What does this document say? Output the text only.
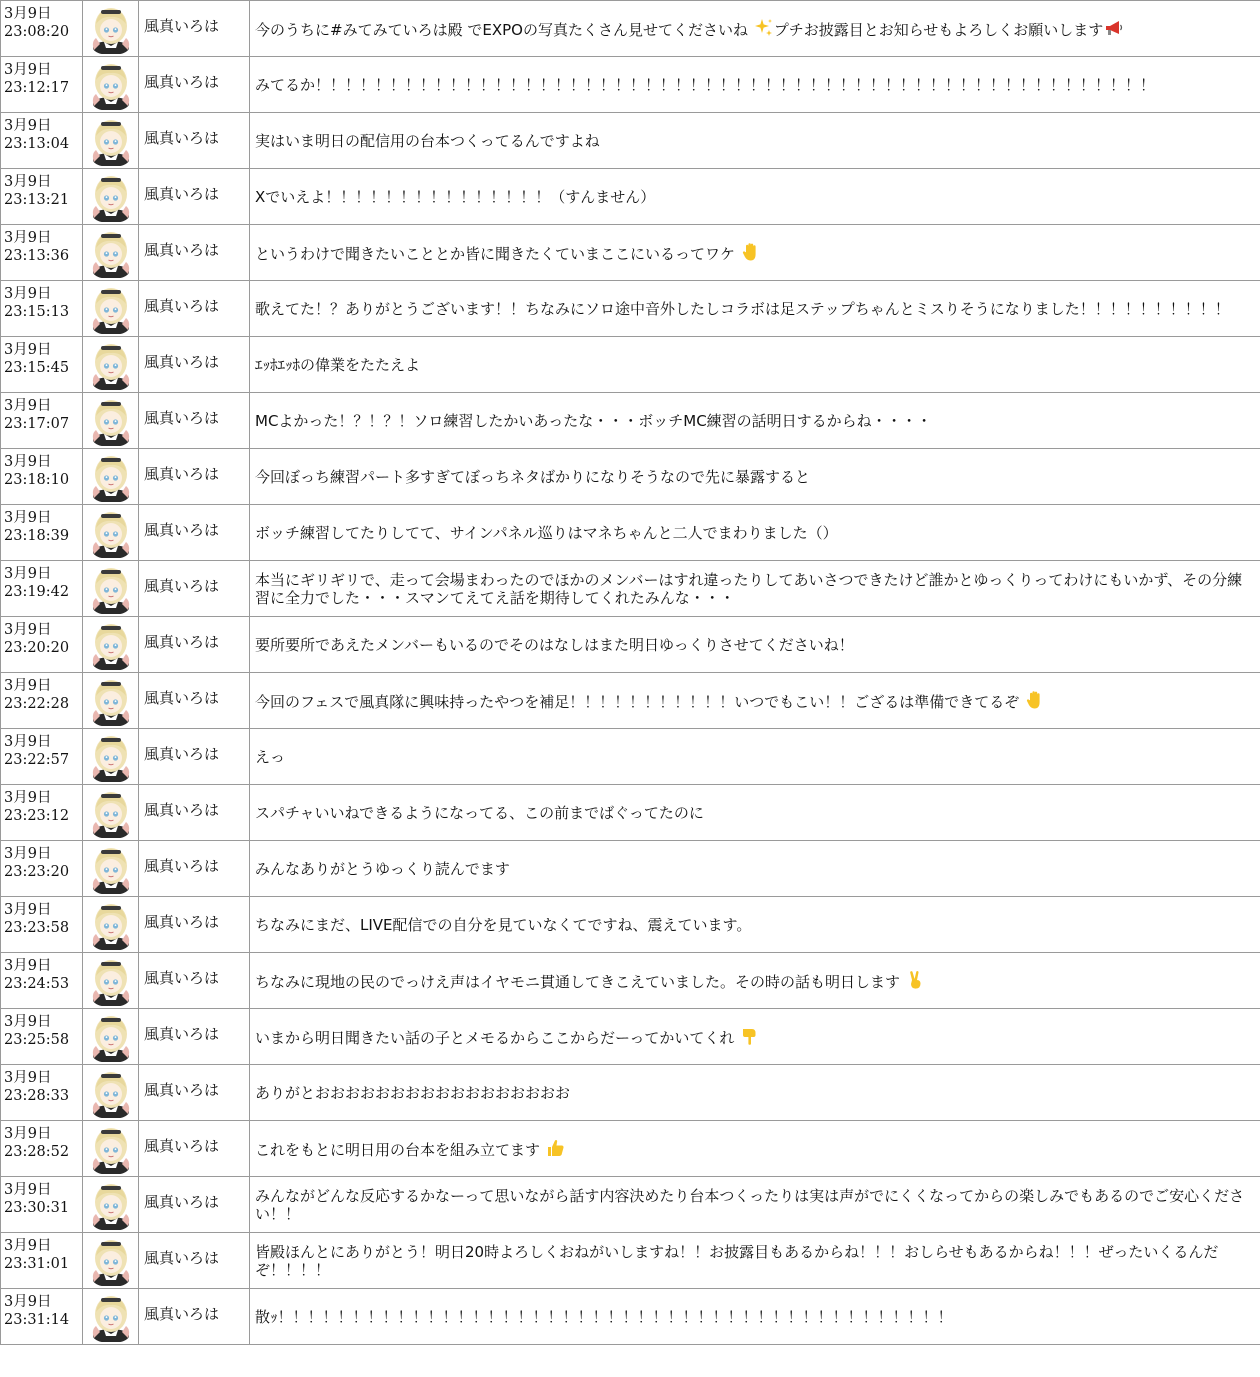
3月9日
23:08:20		風真いろは	今のうちに#みてみていろは殿 でEXPOの写真たくさん見せてくださいね プチお披露目とお知らせもよろしくお願いします

3月9日
23:12:17		風真いろは	みてるか！！！！！！！！！！！！！！！！！！！！！！！！！！！！！！！！！！！！！！！！！！！！！！！！！！！！！！！！

3月9日
23:13:04		風真いろは	実はいま明日の配信用の台本つくってるんですよね

3月9日
23:13:21		風真いろは	Xでいえよ！！！！！！！！！！！！！！！（すんません）

3月9日
23:13:36		風真いろは	というわけで聞きたいこととか皆に聞きたくていまここにいるってワケ

3月9日
23:15:13		風真いろは	歌えてた！？ありがとうございます！！ちなみにソロ途中音外したしコラボは足ステップちゃんとミスりそうになりました！！！！！！！！！！

3月9日
23:15:45		風真いろは	ｴｯﾎｴｯﾎの偉業をたたえよ

3月9日
23:17:07		風真いろは	MCよかった！？！？！ソロ練習したかいあったな・・・ボッチMC練習の話明日するからね・・・・

3月9日
23:18:10		風真いろは	今回ぼっち練習パート多すぎてぼっちネタばかりになりそうなので先に暴露すると

3月9日
23:18:39		風真いろは	ボッチ練習してたりしてて、サインパネル巡りはマネちゃんと二人でまわりました（）

3月9日
23:19:42		風真いろは	本当にギリギリで、走って会場まわったのでほかのメンバーはすれ違ったりしてあいさつできたけど誰かとゆっくりってわけにもいかず、その分練習に全力でした・・・スマンてえてえ話を期待してくれたみんな・・・

3月9日
23:20:20		風真いろは	要所要所であえたメンバーもいるのでそのはなしはまた明日ゆっくりさせてくださいね！

3月9日
23:22:28		風真いろは	今回のフェスで風真隊に興味持ったやつを補足！！！！！！！！！！！いつでもこい！！ござるは準備できてるぞ

3月9日
23:22:57		風真いろは	えっ

3月9日
23:23:12		風真いろは	スパチャいいねできるようになってる、この前までばぐってたのに

3月9日
23:23:20		風真いろは	みんなありがとうゆっくり読んでます

3月9日
23:23:58		風真いろは	ちなみにまだ、LIVE配信での自分を見ていなくてですね、震えています。

3月9日
23:24:53		風真いろは	ちなみに現地の民のでっけえ声はイヤモニ貫通してきこえていました。その時の話も明日します

3月9日
23:25:58		風真いろは	いまから明日聞きたい話の子とメモるからここからだーってかいてくれ

3月9日
23:28:33		風真いろは	ありがとおおおおおおおおおおおおおおおおお

3月9日
23:28:52		風真いろは	これをもとに明日用の台本を組み立てます

3月9日
23:30:31		風真いろは	みんながどんな反応するかなーって思いながら話す内容決めたり台本つくったりは実は声がでにくくなってからの楽しみでもあるのでご安心ください！！

3月9日
23:31:01		風真いろは	皆殿ほんとにありがとう！明日20時よろしくおねがいしますね！！お披露目もあるからね！！！おしらせもあるからね！！！ぜったいくるんだぞ！！！！

3月9日
23:31:14		風真いろは	散ｯ！！！！！！！！！！！！！！！！！！！！！！！！！！！！！！！！！！！！！！！！！！！！！
